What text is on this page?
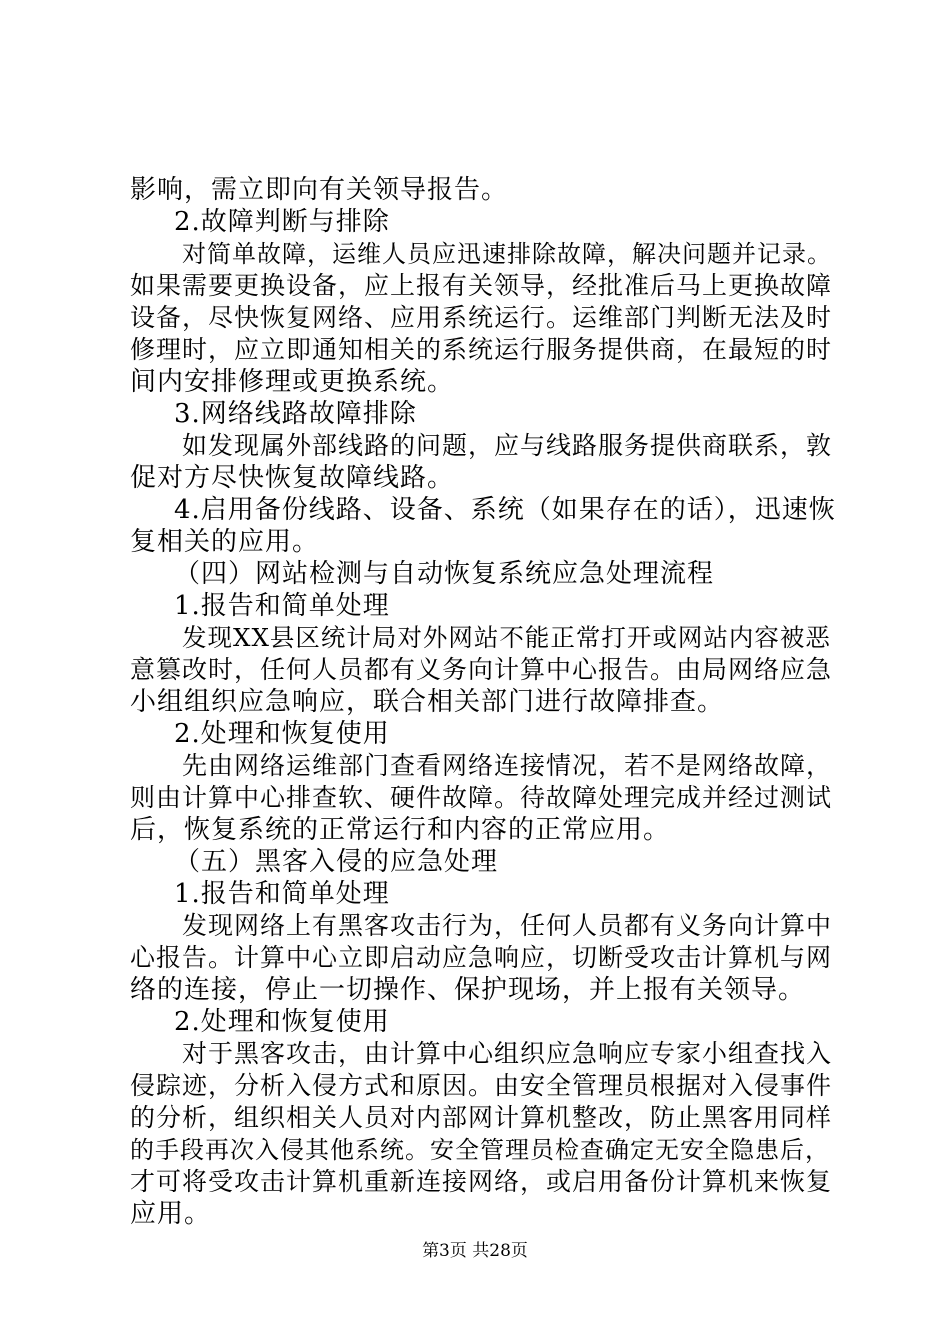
影响，需立即向有关领导报告。
2.故障判断与排除
对简单故障，运维人员应迅速排除故障，解决问题并记录。
如果需要更换设备，应上报有关领导，经批准后马上更换故障
设备，尽快恢复网络、应用系统运行。运维部门判断无法及时
修理时，应立即通知相关的系统运行服务提供商，在最短的时
间内安排修理或更换系统。
3.网络线路故障排除
如发现属外部线路的问题，应与线路服务提供商联系，敦
促对方尽快恢复故障线路。
4.启用备份线路、设备、系统（如果存在的话），迅速恢
复相关的应用。
（四）网站检测与自动恢复系统应急处理流程
1.报告和简单处理
发现XX县区统计局对外网站不能正常打开或网站内容被恶
意篡改时，任何人员都有义务向计算中心报告。由局网络应急
小组组织应急响应，联合相关部门进行故障排查。
2.处理和恢复使用
先由网络运维部门查看网络连接情况，若不是网络故障，
则由计算中心排查软、硬件故障。待故障处理完成并经过测试
后，恢复系统的正常运行和内容的正常应用。
（五）黑客入侵的应急处理
1.报告和简单处理
发现网络上有黑客攻击行为，任何人员都有义务向计算中
心报告。计算中心立即启动应急响应，切断受攻击计算机与网
络的连接，停止一切操作、保护现场，并上报有关领导。
2.处理和恢复使用
对于黑客攻击，由计算中心组织应急响应专家小组查找入
侵踪迹，分析入侵方式和原因。由安全管理员根据对入侵事件
的分析，组织相关人员对内部网计算机整改，防止黑客用同样
的手段再次入侵其他系统。安全管理员检查确定无安全隐患后，
才可将受攻击计算机重新连接网络，或启用备份计算机来恢复
应用。
第3页 共28页
